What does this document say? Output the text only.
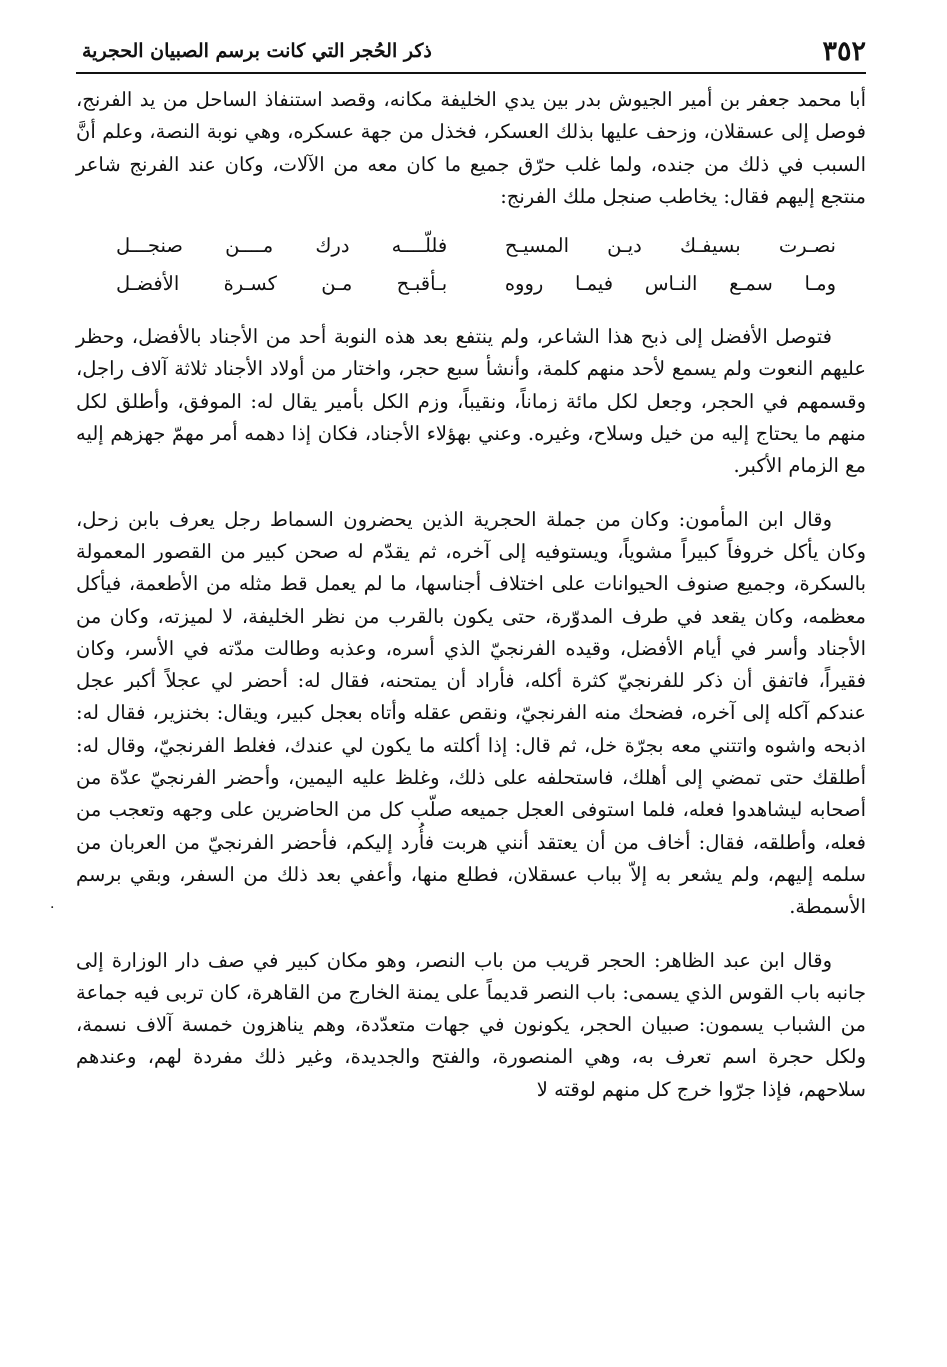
٣٥٢
ذكر الحُجر التي كانت برسم الصبيان الحجرية

أبا محمد جعفر بن أمير الجيوش بدر بين يدي الخليفة مكانه، وقصد استنفاذ الساحل من يد الفرنج، فوصل إلى عسقلان، وزحف عليها بذلك العسكر، فخذل من جهة عسكره، وهي نوبة النصة، وعلم أنَّ السبب في ذلك من جنده، ولما غلب حرّق جميع ما كان معه من الآلات، وكان عند الفرنج شاعر منتجع إليهم فقال: يخاطب صنجل ملك الفرنج:

نصـرت بسيفـك ديـن المسيـح
فللّــــه درك مــــن صنجـــل
ومـا سمـع النـاس فيمـا رووه
بـأقبـح مـن كسـرة الأفضـل

فتوصل الأفضل إلى ذبح هذا الشاعر، ولم ينتفع بعد هذه النوبة أحد من الأجناد بالأفضل، وحظر عليهم النعوت ولم يسمع لأحد منهم كلمة، وأنشأ سبع حجر، واختار من أولاد الأجناد ثلاثة آلاف راجل، وقسمهم في الحجر، وجعل لكل مائة زماناً، ونقيباً، وزم الكل بأمير يقال له: الموفق، وأطلق لكل منهم ما يحتاج إليه من خيل وسلاح، وغيره. وعني بهؤلاء الأجناد، فكان إذا دهمه أمر مهمّ جهزهم إليه مع الزمام الأكبر.

وقال ابن المأمون: وكان من جملة الحجرية الذين يحضرون السماط رجل يعرف بابن زحل، وكان يأكل خروفاً كبيراً مشوياً، ويستوفيه إلى آخره، ثم يقدّم له صحن كبير من القصور المعمولة بالسكرة، وجميع صنوف الحيوانات على اختلاف أجناسها، ما لم يعمل قط مثله من الأطعمة، فيأكل معظمه، وكان يقعد في طرف المدوّرة، حتى يكون بالقرب من نظر الخليفة، لا لميزته، وكان من الأجناد وأسر في أيام الأفضل، وقيده الفرنجيّ الذي أسره، وعذبه وطالت مدّته في الأسر، وكان فقيراً، فاتفق أن ذكر للفرنجيّ كثرة أكله، فأراد أن يمتحنه، فقال له: أحضر لي عجلاً أكبر عجل عندكم آكله إلى آخره، فضحك منه الفرنجيّ، ونقص عقله وأتاه بعجل كبير، ويقال: بخنزير، فقال له: اذبحه واشوه واتتني معه بجرّة خل، ثم قال: إذا أكلته ما يكون لي عندك، فغلط الفرنجيّ، وقال له: أطلقك حتى تمضي إلى أهلك، فاستحلفه على ذلك، وغلظ عليه اليمين، وأحضر الفرنجيّ عدّة من أصحابه ليشاهدوا فعله، فلما استوفى العجل جميعه صلّب كل من الحاضرين على وجهه وتعجب من فعله، وأطلقه، فقال: أخاف من أن يعتقد أنني هربت فأُرد إليكم، فأحضر الفرنجيّ من العربان من سلمه إليهم، ولم يشعر به إلاّ بباب عسقلان، فطلع منها، وأعفي بعد ذلك من السفر، وبقي برسم الأسمطة.

وقال ابن عبد الظاهر: الحجر قريب من باب النصر، وهو مكان كبير في صف دار الوزارة إلى جانبه باب القوس الذي يسمى: باب النصر قديماً على يمنة الخارج من القاهرة، كان تربى فيه جماعة من الشباب يسمون: صبيان الحجر، يكونون في جهات متعدّدة، وهم يناهزون خمسة آلاف نسمة، ولكل حجرة اسم تعرف به، وهي المنصورة، والفتح والجديدة، وغير ذلك مفردة لهم، وعندهم سلاحهم، فإذا جرّوا خرج كل منهم لوقته لا

·
